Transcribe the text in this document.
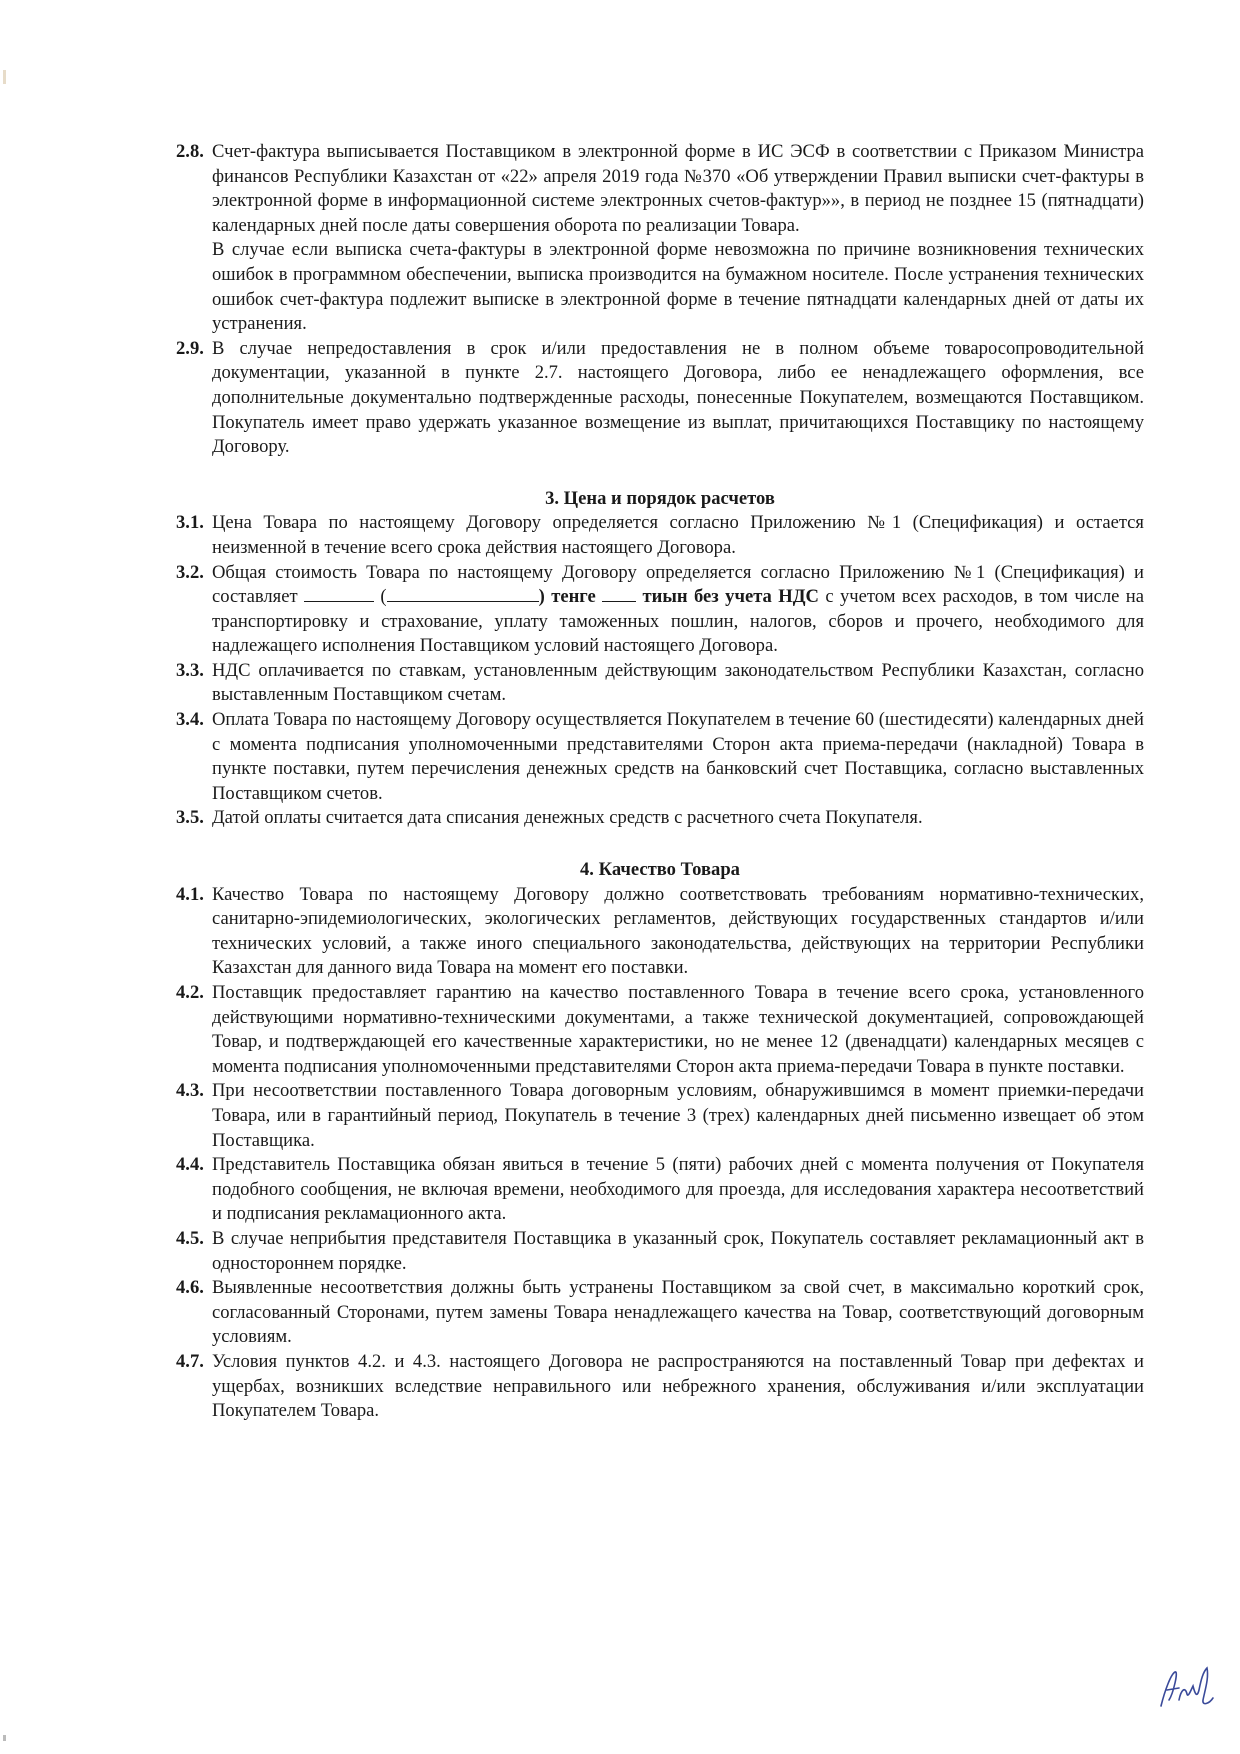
2.8. Счет-фактура выписывается Поставщиком в электронной форме в ИС ЭСФ в соответствии с Приказом Министра финансов Республики Казахстан от «22» апреля 2019 года №370 «Об утверждении Правил выписки счет-фактуры в электронной форме в информационной системе электронных счетов-фактур»», в период не позднее 15 (пятнадцати) календарных дней после даты совершения оборота по реализации Товара.

В случае если выписка счета-фактуры в электронной форме невозможна по причине возникновения технических ошибок в программном обеспечении, выписка производится на бумажном носителе. После устранения технических ошибок счет-фактура подлежит выписке в электронной форме в течение пятнадцати календарных дней от даты их устранения.

2.9. В случае непредоставления в срок и/или предоставления не в полном объеме товаросопроводительной документации, указанной в пункте 2.7. настоящего Договора, либо ее ненадлежащего оформления, все дополнительные документально подтвержденные расходы, понесенные Покупателем, возмещаются Поставщиком. Покупатель имеет право удержать указанное возмещение из выплат, причитающихся Поставщику по настоящему Договору.

3. Цена и порядок расчетов
3.1. Цена Товара по настоящему Договору определяется согласно Приложению №1 (Спецификация) и остается неизменной в течение всего срока действия настоящего Договора.

3.2. Общая стоимость Товара по настоящему Договору определяется согласно Приложению №1 (Спецификация) и составляет	(	) тенге  тиын без учета НДС с учетом всех расходов, в том числе на транспортировку и страхование, уплату таможенных пошлин, налогов, сборов и прочего, необходимого для надлежащего исполнения Поставщиком условий настоящего Договора.

3.3. НДС оплачивается по ставкам, установленным действующим законодательством Республики Казахстан, согласно выставленным Поставщиком счетам.

3.4. Оплата Товара по настоящему Договору осуществляется Покупателем в течение 60 (шестидесяти) календарных дней с момента подписания уполномоченными представителями Сторон акта приема-передачи (накладной) Товара в пункте поставки, путем перечисления денежных средств на банковский счет Поставщика, согласно выставленных Поставщиком счетов.

3.5. Датой оплаты считается дата списания денежных средств с расчетного счета Покупателя.

4. Качество Товара
4.1. Качество Товара по настоящему Договору должно соответствовать требованиям нормативно-технических, санитарно-эпидемиологических, экологических регламентов, действующих государственных стандартов и/или технических условий, а также иного специального законодательства, действующих на территории Республики Казахстан для данного вида Товара на момент его поставки.

4.2. Поставщик предоставляет гарантию на качество поставленного Товара в течение всего срока, установленного действующими нормативно-техническими документами, а также технической документацией, сопровождающей Товар, и подтверждающей его качественные характеристики, но не менее 12 (двенадцати) календарных месяцев с момента подписания уполномоченными представителями Сторон акта приема-передачи Товара в пункте поставки.

4.3. При несоответствии поставленного Товара договорным условиям, обнаружившимся в момент приемки-передачи Товара, или в гарантийный период, Покупатель в течение 3 (трех) календарных дней письменно извещает об этом Поставщика.

4.4. Представитель Поставщика обязан явиться в течение 5 (пяти) рабочих дней с момента получения от Покупателя подобного сообщения, не включая времени, необходимого для проезда, для исследования характера несоответствий и подписания рекламационного акта.

4.5. В случае неприбытия представителя Поставщика в указанный срок, Покупатель составляет рекламационный акт в одностороннем порядке.

4.6. Выявленные несоответствия должны быть устранены Поставщиком за свой счет, в максимально короткий срок, согласованный Сторонами, путем замены Товара ненадлежащего качества на Товар, соответствующий договорным условиям.

4.7. Условия пунктов 4.2. и 4.3. настоящего Договора не распространяются на поставленный Товар при дефектах и ущербах, возникших вследствие неправильного или небрежного хранения, обслуживания и/или эксплуатации Покупателем Товара.
